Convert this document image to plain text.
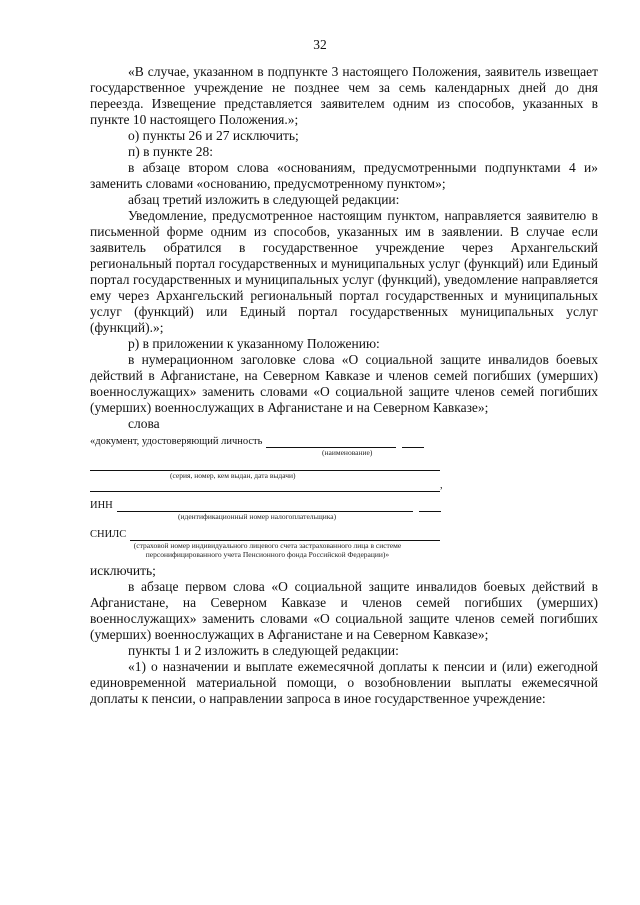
32

«В случае, указанном в подпункте 3 настоящего Положения, заявитель извещает государственное учреждение не позднее чем за семь календарных дней до дня переезда. Извещение представляется заявителем одним из способов, указанных в пункте 10 настоящего Положения.»;

о) пункты 26 и 27 исключить;

п) в пункте 28:

в абзаце втором слова «основаниям, предусмотренными подпунктами 4 и» заменить словами «основанию, предусмотренному пунктом»;

абзац третий изложить в следующей редакции:

Уведомление, предусмотренное настоящим пунктом, направляется заявителю в письменной форме одним из способов, указанных им в заявлении. В случае если заявитель обратился в государственное учреждение через Архангельский региональный портал государственных и муниципальных услуг (функций) или Единый портал государственных и муниципальных услуг (функций), уведомление направляется ему через Архангельский региональный портал государственных и муниципальных услуг (функций) или Единый портал государственных муниципальных услуг (функций).»;

р) в приложении к указанному Положению:

в нумерационном заголовке слова «О социальной защите инвалидов боевых действий в Афганистане, на Северном Кавказе и членов семей погибших (умерших) военнослужащих» заменить словами «О социальной защите членов семей погибших (умерших) военнослужащих в Афганистане и на Северном Кавказе»;

слова

«документ, удостоверяющий личность
(наименование)
(серия, номер, кем выдан, дата выдачи)
,
ИНН
(идентификационный номер налогоплательщика)
СНИЛС
(страховой номер индивидуального лицевого счета застрахованного лица в системе
персонифицированного учета Пенсионного фонда Российской Федерации)»

исключить;

в абзаце первом слова «О социальной защите инвалидов боевых действий в Афганистане, на Северном Кавказе и членов семей погибших (умерших) военнослужащих» заменить словами «О социальной защите членов семей погибших (умерших) военнослужащих в Афганистане и на Северном Кавказе»;

пункты 1 и 2 изложить в следующей редакции:

«1) о назначении и выплате ежемесячной доплаты к пенсии и (или) ежегодной единовременной материальной помощи, о возобновлении выплаты ежемесячной доплаты к пенсии, о направлении запроса в иное государственное учреждение:
